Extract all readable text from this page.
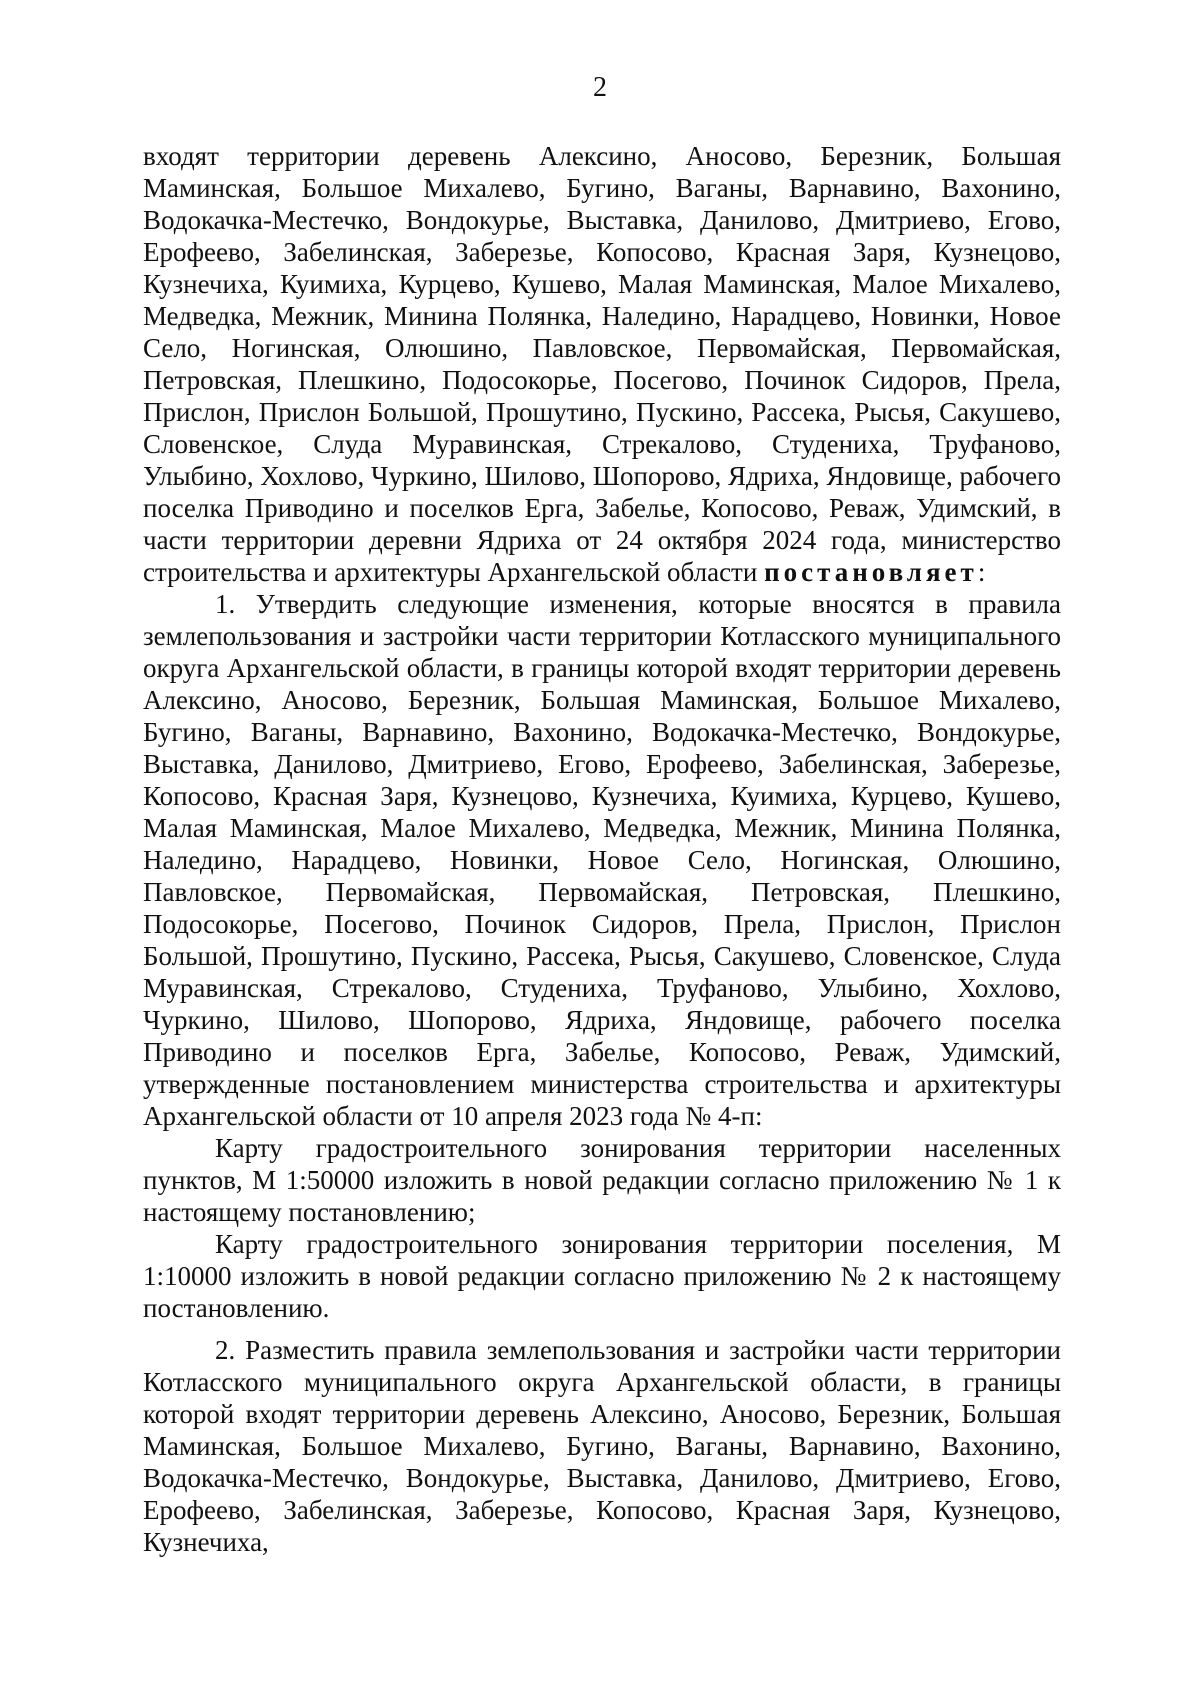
2

входят территории деревень Алексино, Аносово, Березник, Большая Маминская, Большое Михалево, Бугино, Ваганы, Варнавино, Вахонино, Водокачка-Местечко, Вондокурье, Выставка, Данилово, Дмитриево, Егово, Ерофеево, Забелинская, Заберезье, Копосово, Красная Заря, Кузнецово, Кузнечиха, Куимиха, Курцево, Кушево, Малая Маминская, Малое Михалево, Медведка, Межник, Минина Полянка, Наледино, Нарадцево, Новинки, Новое Село, Ногинская, Олюшино, Павловское, Первомайская, Первомайская, Петровская, Плешкино, Подосокорье, Посегово, Починок Сидоров, Прела, Прислон, Прислон Большой, Прошутино, Пускино, Рассека, Рысья, Сакушево, Словенское, Слуда Муравинская, Стрекалово, Студениха, Труфаново, Улыбино, Хохлово, Чуркино, Шилово, Шопорово, Ядриха, Яндовище, рабочего поселка Приводино и поселков Ерга, Забелье, Копосово, Реваж, Удимский, в части территории деревни Ядриха от 24 октября 2024 года, министерство строительства и архитектуры Архангельской области постановляет:

1. Утвердить следующие изменения, которые вносятся в правила землепользования и застройки части территории Котласского муниципального округа Архангельской области, в границы которой входят территории деревень Алексино, Аносово, Березник, Большая Маминская, Большое Михалево, Бугино, Ваганы, Варнавино, Вахонино, Водокачка-Местечко, Вондокурье, Выставка, Данилово, Дмитриево, Егово, Ерофеево, Забелинская, Заберезье, Копосово, Красная Заря, Кузнецово, Кузнечиха, Куимиха, Курцево, Кушево, Малая Маминская, Малое Михалево, Медведка, Межник, Минина Полянка, Наледино, Нарадцево, Новинки, Новое Село, Ногинская, Олюшино, Павловское, Первомайская, Первомайская, Петровская, Плешкино, Подосокорье, Посегово, Починок Сидоров, Прела, Прислон, Прислон Большой, Прошутино, Пускино, Рассека, Рысья, Сакушево, Словенское, Слуда Муравинская, Стрекалово, Студениха, Труфаново, Улыбино, Хохлово, Чуркино, Шилово, Шопорово, Ядриха, Яндовище, рабочего поселка Приводино и поселков Ерга, Забелье, Копосово, Реваж, Удимский, утвержденные постановлением министерства строительства и архитектуры Архангельской области от 10 апреля 2023 года № 4-п:

Карту градостроительного зонирования территории населенных пунктов, М 1:50000 изложить в новой редакции согласно приложению № 1 к настоящему постановлению;

Карту градостроительного зонирования территории поселения, М 1:10000 изложить в новой редакции согласно приложению № 2 к настоящему постановлению.

2. Разместить правила землепользования и застройки части территории Котласского муниципального округа Архангельской области, в границы которой входят территории деревень Алексино, Аносово, Березник, Большая Маминская, Большое Михалево, Бугино, Ваганы, Варнавино, Вахонино, Водокачка-Местечко, Вондокурье, Выставка, Данилово, Дмитриево, Егово, Ерофеево, Забелинская, Заберезье, Копосово, Красная Заря, Кузнецово, Кузнечиха,
